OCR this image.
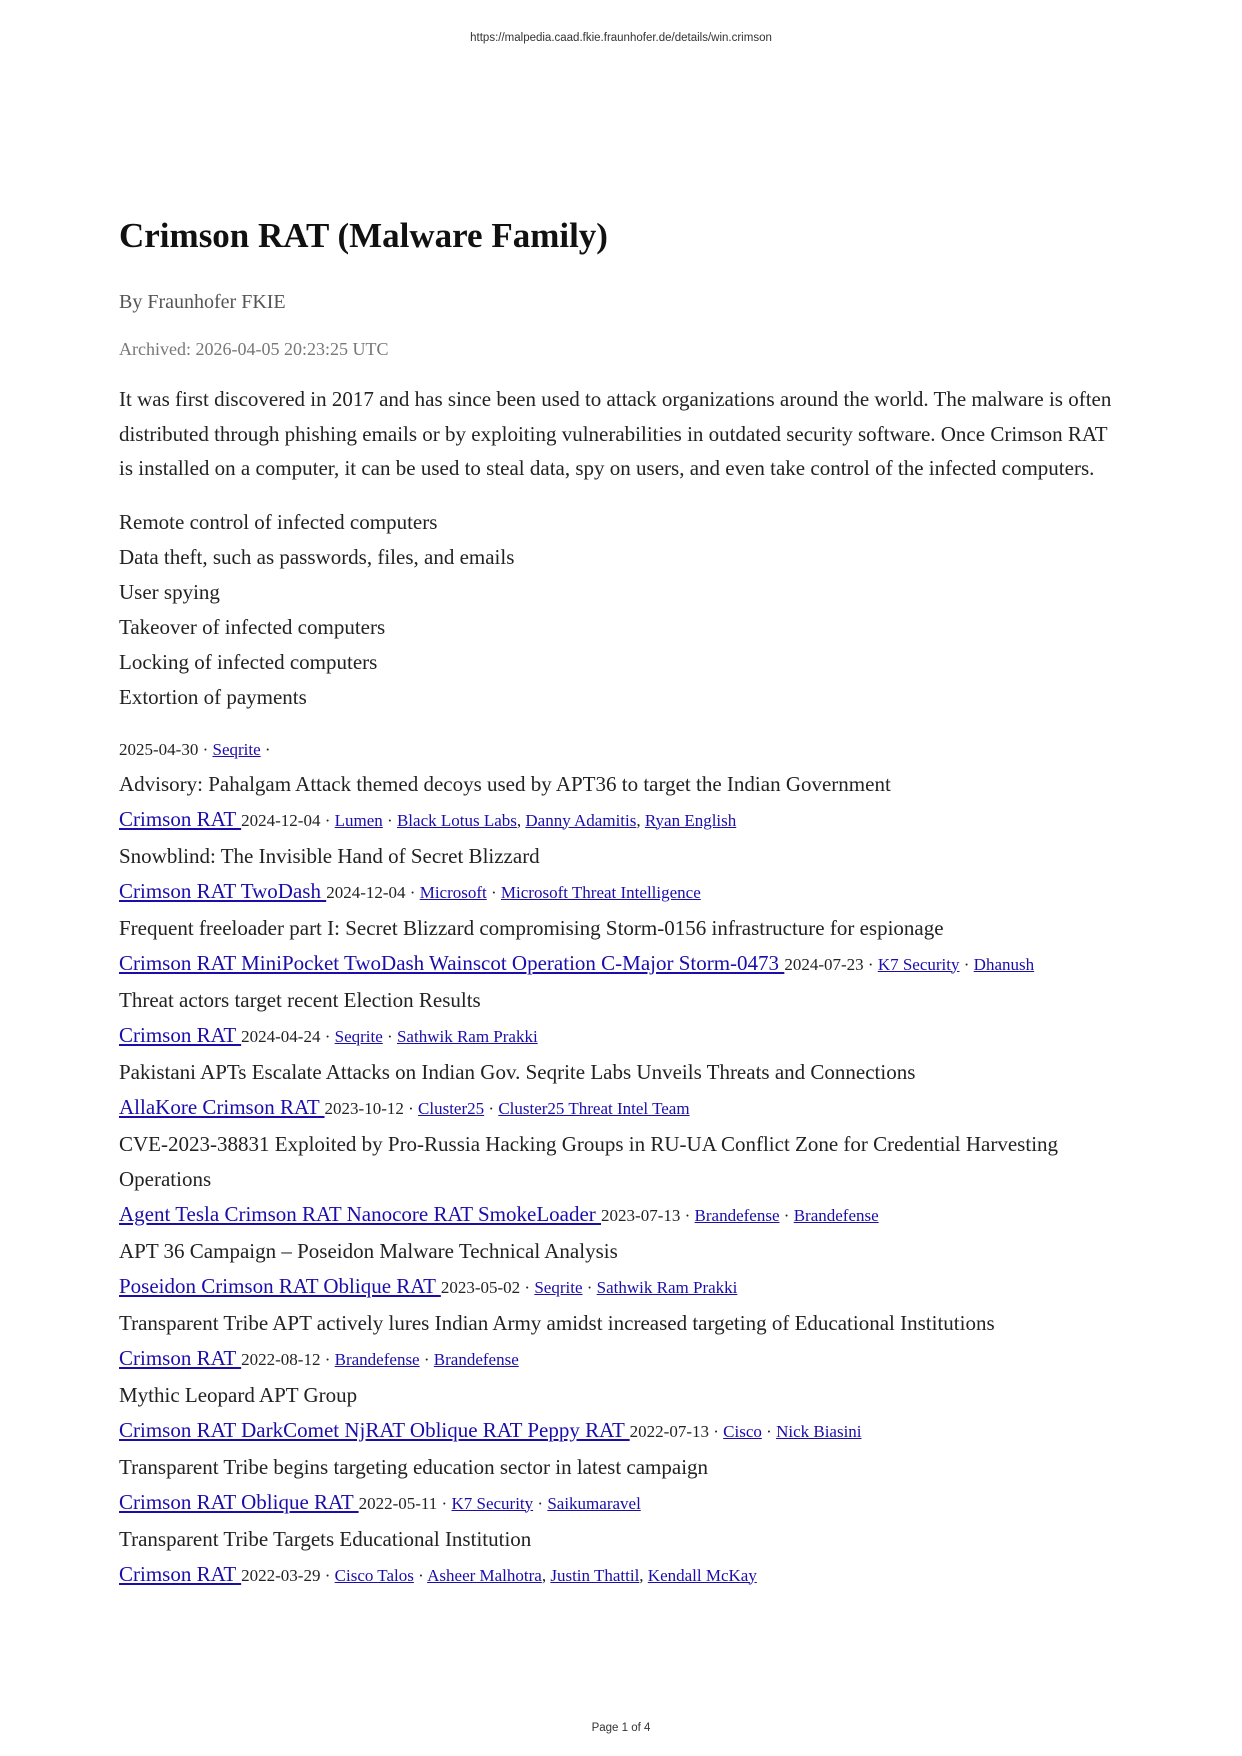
https://malpedia.caad.fkie.fraunhofer.de/details/win.crimson
Crimson RAT (Malware Family)
By Fraunhofer FKIE
Archived: 2026-04-05 20:23:25 UTC

It was first discovered in 2017 and has since been used to attack organizations around the world. The malware is often distributed through phishing emails or by exploiting vulnerabilities in outdated security software. Once Crimson RAT is installed on a computer, it can be used to steal data, spy on users, and even take control of the infected computers.

Remote control of infected computers
Data theft, such as passwords, files, and emails
User spying
Takeover of infected computers
Locking of infected computers
Extortion of payments
2025-04-30 · Seqrite ·
Advisory: Pahalgam Attack themed decoys used by APT36 to target the Indian Government
Crimson RAT 2024-12-04 · Lumen · Black Lotus Labs, Danny Adamitis, Ryan English
Snowblind: The Invisible Hand of Secret Blizzard
Crimson RAT TwoDash 2024-12-04 · Microsoft · Microsoft Threat Intelligence
Frequent freeloader part I: Secret Blizzard compromising Storm-0156 infrastructure for espionage
Crimson RAT MiniPocket TwoDash Wainscot Operation C-Major Storm-0473 2024-07-23 · K7 Security · Dhanush
Threat actors target recent Election Results
Crimson RAT 2024-04-24 · Seqrite · Sathwik Ram Prakki
Pakistani APTs Escalate Attacks on Indian Gov. Seqrite Labs Unveils Threats and Connections
AllaKore Crimson RAT 2023-10-12 · Cluster25 · Cluster25 Threat Intel Team
CVE-2023-38831 Exploited by Pro-Russia Hacking Groups in RU-UA Conflict Zone for Credential Harvesting Operations
Agent Tesla Crimson RAT Nanocore RAT SmokeLoader 2023-07-13 · Brandefense · Brandefense
APT 36 Campaign – Poseidon Malware Technical Analysis
Poseidon Crimson RAT Oblique RAT 2023-05-02 · Seqrite · Sathwik Ram Prakki
Transparent Tribe APT actively lures Indian Army amidst increased targeting of Educational Institutions
Crimson RAT 2022-08-12 · Brandefense · Brandefense
Mythic Leopard APT Group
Crimson RAT DarkComet NjRAT Oblique RAT Peppy RAT 2022-07-13 · Cisco · Nick Biasini
Transparent Tribe begins targeting education sector in latest campaign
Crimson RAT Oblique RAT 2022-05-11 · K7 Security · Saikumaravel
Transparent Tribe Targets Educational Institution
Crimson RAT 2022-03-29 · Cisco Talos · Asheer Malhotra, Justin Thattil, Kendall McKay
Page 1 of 4
